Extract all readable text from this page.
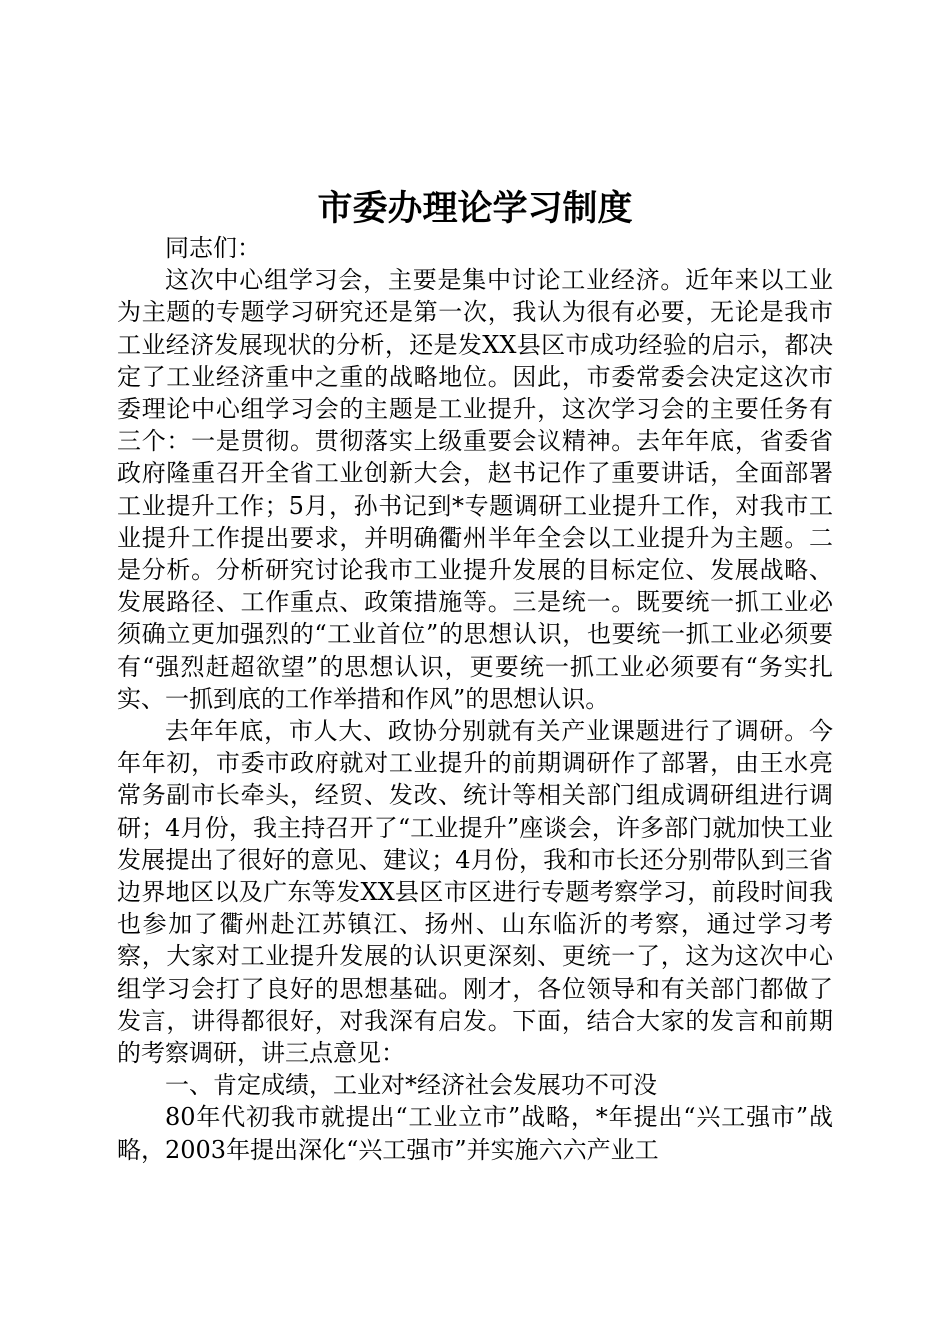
市委办理论学习制度

同志们：

这次中心组学习会，主要是集中讨论工业经济。近年来以工业为主题的专题学习研究还是第一次，我认为很有必要，无论是我市工业经济发展现状的分析，还是发XX县区市成功经验的启示，都决定了工业经济重中之重的战略地位。因此，市委常委会决定这次市委理论中心组学习会的主题是工业提升，这次学习会的主要任务有三个：一是贯彻。贯彻落实上级重要会议精神。去年年底，省委省政府隆重召开全省工业创新大会，赵书记作了重要讲话，全面部署工业提升工作；5月，孙书记到*专题调研工业提升工作，对我市工业提升工作提出要求，并明确衢州半年全会以工业提升为主题。二是分析。分析研究讨论我市工业提升发展的目标定位、发展战略、发展路径、工作重点、政策措施等。三是统一。既要统一抓工业必须确立更加强烈的“工业首位”的思想认识，也要统一抓工业必须要有“强烈赶超欲望”的思想认识，更要统一抓工业必须要有“务实扎实、一抓到底的工作举措和作风”的思想认识。

去年年底，市人大、政协分别就有关产业课题进行了调研。今年年初，市委市政府就对工业提升的前期调研作了部署，由王水亮常务副市长牵头，经贸、发改、统计等相关部门组成调研组进行调研；4月份，我主持召开了“工业提升”座谈会，许多部门就加快工业发展提出了很好的意见、建议；4月份，我和市长还分别带队到三省边界地区以及广东等发XX县区市区进行专题考察学习，前段时间我也参加了衢州赴江苏镇江、扬州、山东临沂的考察，通过学习考察，大家对工业提升发展的认识更深刻、更统一了，这为这次中心组学习会打了良好的思想基础。刚才，各位领导和有关部门都做了发言，讲得都很好，对我深有启发。下面，结合大家的发言和前期的考察调研，讲三点意见：

一、肯定成绩，工业对*经济社会发展功不可没

80年代初我市就提出“工业立市”战略，*年提出“兴工强市”战略，2003年提出深化“兴工强市”并实施六六产业工
